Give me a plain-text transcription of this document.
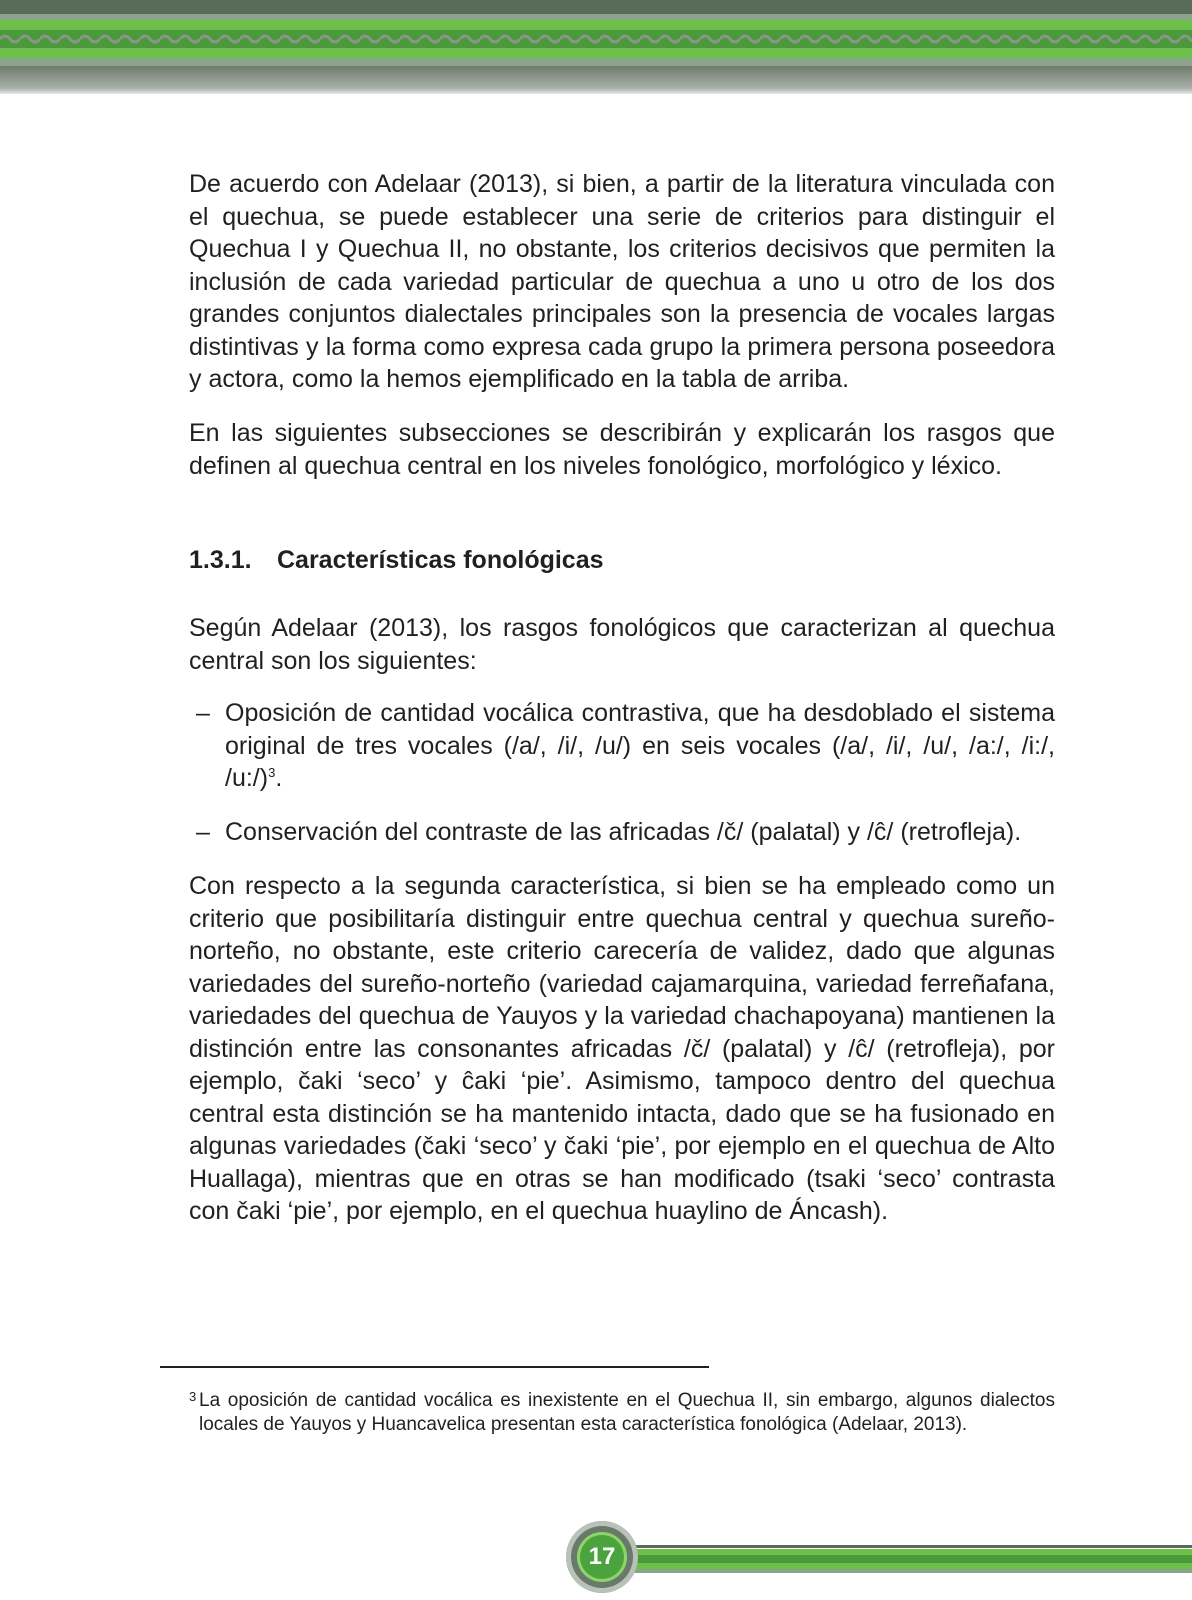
De acuerdo con Adelaar (2013), si bien, a partir de la literatura vinculada con el quechua, se puede establecer una serie de criterios para distinguir el Quechua I y Quechua II, no obstante, los criterios decisivos que permiten la inclusión de cada variedad particular de quechua a uno u otro de los dos grandes conjuntos dialectales principales son la presencia de vocales largas distintivas y la forma como expresa cada grupo la primera persona poseedora y actora, como la hemos ejemplificado en la tabla de arriba.

En las siguientes subsecciones se describirán y explicarán los rasgos que definen al quechua central en los niveles fonológico, morfológico y léxico.

1.3.1. Características fonológicas

Según Adelaar (2013), los rasgos fonológicos que caracterizan al quechua central son los siguientes:

– Oposición de cantidad vocálica contrastiva, que ha desdoblado el sistema original de tres vocales (/a/, /i/, /u/) en seis vocales (/a/, /i/, /u/, /a:/, /i:/, /u:/)$^3$.
– Conservación del contraste de las africadas /č/ (palatal) y /ĉ/ (retrofleja).

Con respecto a la segunda característica, si bien se ha empleado como un criterio que posibilitaría distinguir entre quechua central y quechua sureño-norteño, no obstante, este criterio carecería de validez, dado que algunas variedades del sureño-norteño (variedad cajamarquina, variedad ferreñafana, variedades del quechua de Yauyos y la variedad chachapoyana) mantienen la distinción entre las consonantes africadas /č/ (palatal) y /ĉ/ (retrofleja), por ejemplo, čaki ‘seco’ y ĉaki ‘pie’. Asimismo, tampoco dentro del quechua central esta distinción se ha mantenido intacta, dado que se ha fusionado en algunas variedades (čaki ‘seco’ y čaki ‘pie’, por ejemplo en el quechua de Alto Huallaga), mientras que en otras se han modificado (tsaki ‘seco’ contrasta con čaki ‘pie’, por ejemplo, en el quechua huaylino de Áncash).

3 La oposición de cantidad vocálica es inexistente en el Quechua II, sin embargo, algunos dialectos locales de Yauyos y Huancavelica presentan esta característica fonológica (Adelaar, 2013).
17
